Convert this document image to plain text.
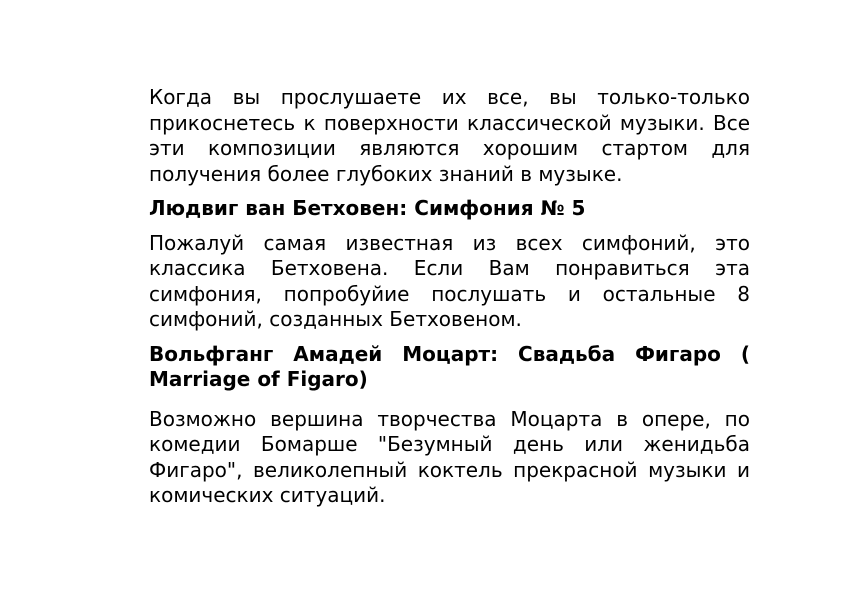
Когда вы прослушаете их все, вы только-только прикоснетесь к поверхности классической музыки. Все эти композиции являются хорошим стартом для получения более глубоких знаний в музыке.

Людвиг ван Бетховен: Симфония № 5

Пожалуй самая известная из всех симфоний, это классика Бетховена. Если Вам понравиться эта симфония, попробуйие послушать и остальные 8 симфоний, созданных Бетховеном.

Вольфганг Амадей Моцарт: Свадьба Фигаро ( Marriage of Figaro)

Возможно вершина творчества Моцарта в опере, по комедии Бомарше "Безумный день или женидьба Фигаро", великолепный коктель прекрасной музыки и комических ситуаций.
